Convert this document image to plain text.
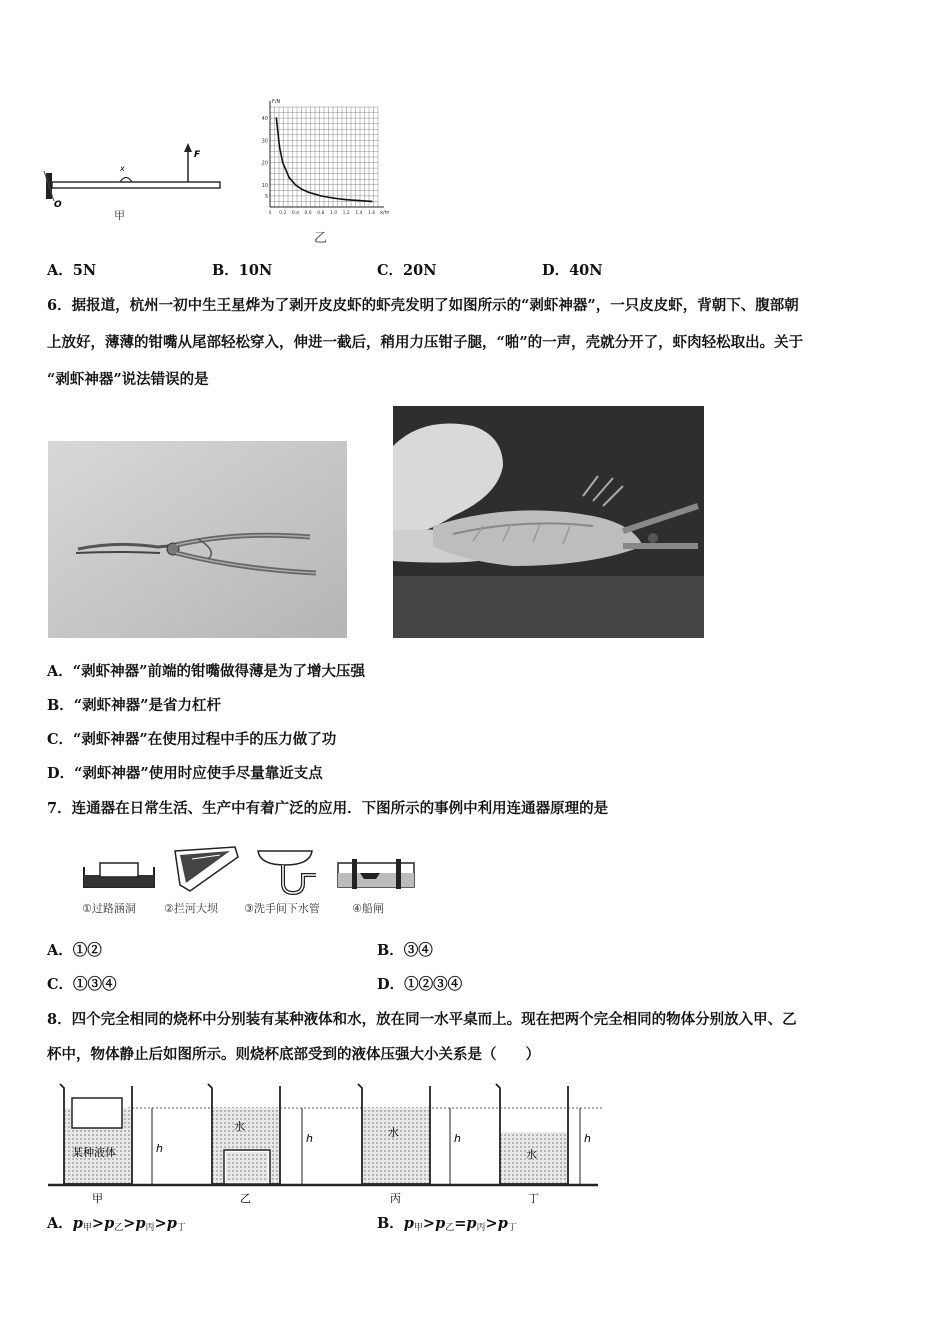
O
x
F
甲
40
30
20
10
5
0 0.2 0.4 0.6 0.8 1.0 1.2 1.4 1.6
F/N
x/m
乙
A．5N	B．10N	C．20N	D．40N
6．据报道，杭州一初中生王星烨为了剥开皮皮虾的虾壳发明了如图所示的“剥虾神器”，一只皮皮虾，背朝下、腹部朝
上放好，薄薄的钳嘴从尾部轻松穿入，伸进一截后，稍用力压钳子腿，“啪”的一声，壳就分开了，虾肉轻松取出。关于
“剥虾神器”说法错误的是
A．“剥虾神器”前端的钳嘴做得薄是为了增大压强
B．“剥虾神器”是省力杠杆
C．“剥虾神器”在使用过程中手的压力做了功
D．“剥虾神器”使用时应使手尽量靠近支点
7．连通器在日常生活、生产中有着广泛的应用．下图所示的事例中利用连通器原理的是
①过路涵洞	②拦河大坝 ③洗手间下水管	④船闸
A．①②	B．③④
C．①③④	D．①②③④
8．四个完全相同的烧杯中分别装有某种液体和水，放在同一水平桌而上。现在把两个完全相同的物体分别放入甲、乙
杯中，物体静止后如图所示。则烧杯底部受到的液体压强大小关系是（　　）
某种液体	h
水
h	水	h
水
h
甲	乙	丙	丁
A．$p_甲>p_乙>p_丙>p_丁$	B．$p_甲>p_乙=p_丙>p_丁$
